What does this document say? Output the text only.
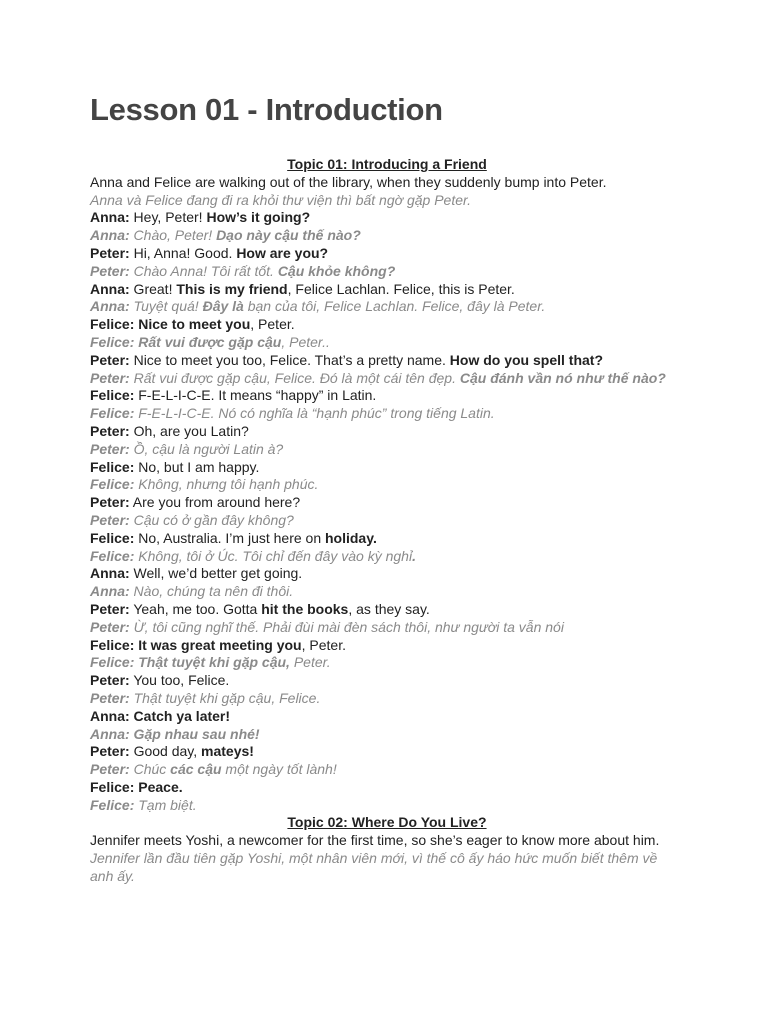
Lesson 01 - Introduction
Topic 01: Introducing a Friend

Anna and Felice are walking out of the library, when they suddenly bump into Peter.

Anna và Felice đang đi ra khỏi thư viện thì bất ngờ gặp Peter.

Anna: Hey, Peter! How’s it going?

Anna: Chào, Peter! Dạo này cậu thế nào?

Peter: Hi, Anna! Good. How are you?

Peter: Chào Anna! Tôi rất tốt. Cậu khỏe không?

Anna: Great! This is my friend, Felice Lachlan. Felice, this is Peter.

Anna: Tuyệt quá! Đây là bạn của tôi, Felice Lachlan. Felice, đây là Peter.

Felice: Nice to meet you, Peter.

Felice: Rất vui được gặp cậu, Peter..

Peter: Nice to meet you too, Felice. That’s a pretty name. How do you spell that?

Peter: Rất vui được gặp cậu, Felice. Đó là một cái tên đẹp. Cậu đánh vần nó như thế nào?

Felice: F-E-L-I-C-E. It means “happy” in Latin.

Felice: F-E-L-I-C-E. Nó có nghĩa là “hạnh phúc” trong tiếng Latin.

Peter: Oh, are you Latin?

Peter: Ồ, cậu là người Latin à?

Felice: No, but I am happy.

Felice: Không, nhưng tôi hạnh phúc.

Peter: Are you from around here?

Peter: Cậu có ở gần đây không?

Felice: No, Australia. I’m just here on holiday.

Felice: Không, tôi ở Úc. Tôi chỉ đến đây vào kỳ nghỉ.

Anna: Well, we’d better get going.

Anna: Nào, chúng ta nên đi thôi.

Peter: Yeah, me too. Gotta hit the books, as they say.

Peter: Ừ, tôi cũng nghĩ thế. Phải đùi mài đèn sách thôi, như người ta vẫn nói

Felice: It was great meeting you, Peter.

Felice: Thật tuyệt khi gặp cậu, Peter.

Peter: You too, Felice.

Peter: Thật tuyệt khi gặp cậu, Felice.

Anna: Catch ya later!

Anna: Gặp nhau sau nhé!

Peter: Good day, mateys!

Peter: Chúc các cậu một ngày tốt lành!

Felice: Peace.

Felice: Tạm biệt.

Topic 02: Where Do You Live?

Jennifer meets Yoshi, a newcomer for the first time, so she’s eager to know more about him.

Jennifer lần đầu tiên gặp Yoshi, một nhân viên mới, vì thế cô ấy háo hức muốn biết thêm về anh ấy.
